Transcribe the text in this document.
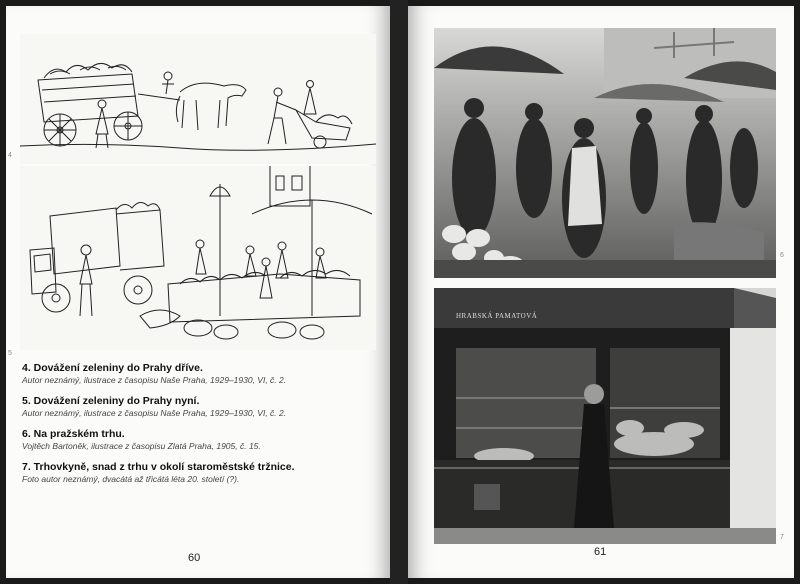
4
5
4. Dovážení zeleniny do Prahy dříve.
Autor neznámý, ilustrace z časopisu Naše Praha, 1929–1930, VI, č. 2.
5. Dovážení zeleniny do Prahy nyní.
Autor neznámý, ilustrace z časopisu Naše Praha, 1929–1930, VI, č. 2.
6. Na pražském trhu.
Vojtěch Bartoněk, ilustrace z časopisu Zlatá Praha, 1905, č. 15.
7. Trhovkyně, snad z trhu v okolí staroměstské tržnice.
Foto autor neznámý, dvacátá až třicátá léta 20. století (?).
60
6
HRABSKÁ PAMATOVÁ
7
61
